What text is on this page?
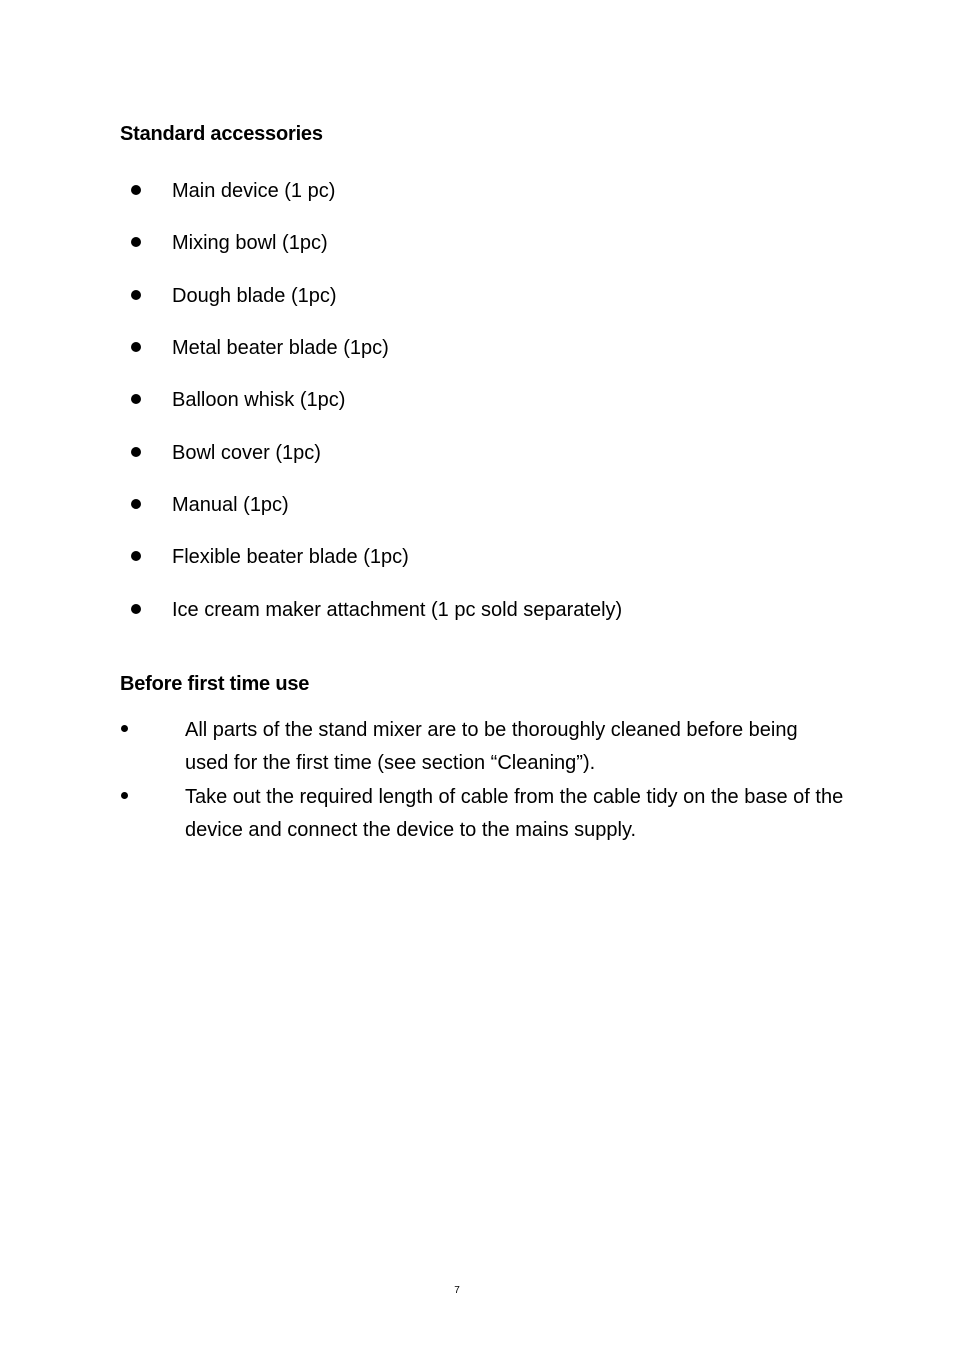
Standard accessories
Main device (1 pc)
Mixing bowl (1pc)
Dough blade (1pc)
Metal beater blade (1pc)
Balloon whisk (1pc)
Bowl cover (1pc)
Manual (1pc)
Flexible beater blade (1pc)
Ice cream maker attachment (1 pc sold separately)
Before first time use
All parts of the stand mixer are to be thoroughly cleaned before being used for the first time (see section “Cleaning”).
Take out the required length of cable from the cable tidy on the base of the device and connect the device to the mains supply.
7
